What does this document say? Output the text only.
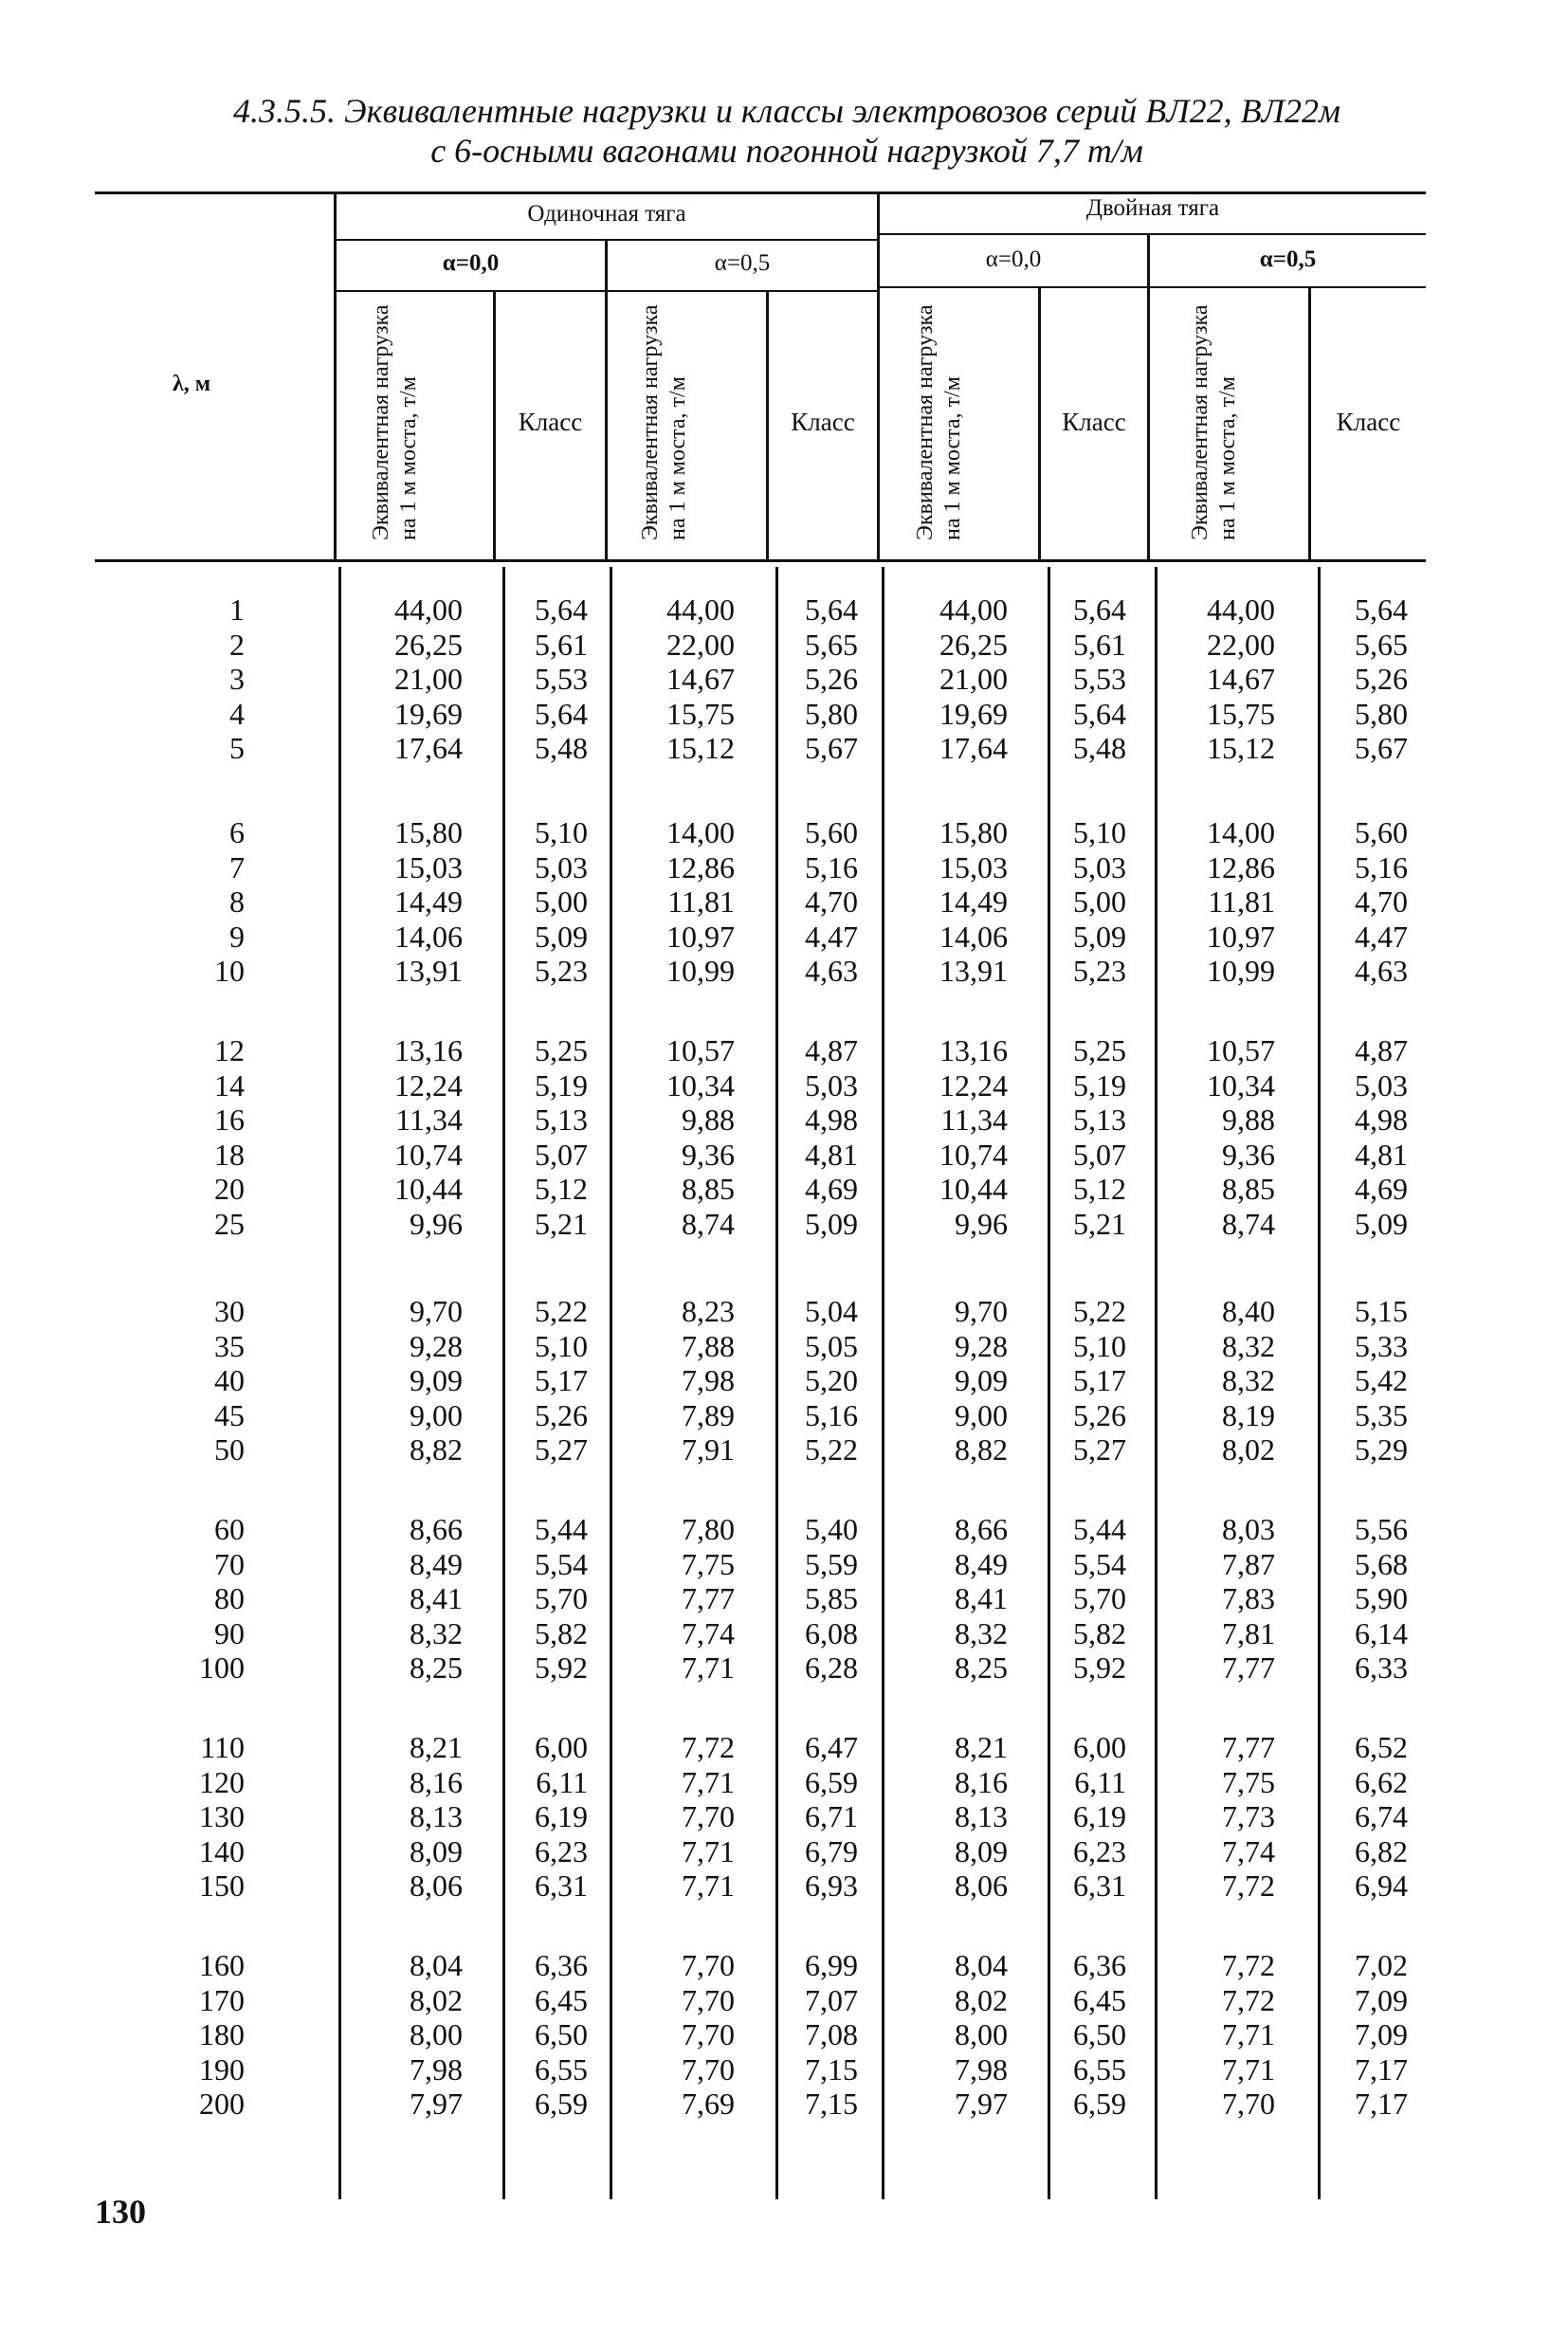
4.3.5.5. Эквивалентные нагрузки и классы электровозов серий ВЛ22, ВЛ22м
с 6-осными вагонами погонной нагрузкой 7,7 т/м
λ, м
Одиночная тяга	Двойная тяга
α=0,0	α=0,5	α=0,0	α=0,5
Эквивалентная нагрузка на 1 м моста, т/м	Эквивалентная нагрузка на 1 м моста, т/м	Эквивалентная нагрузка на 1 м моста, т/м	Эквивалентная нагрузка на 1 м моста, т/м
Класс	Класс	Класс	Класс
1	44,00 5,64	44,00 5,64	44,00 5,64	44,00	5,64
2	26,25 5,61	22,00 5,65	26,25 5,61	22,00	5,65
3	21,00 5,53	14,67 5,26	21,00 5,53	14,67	5,26
4	19,69 5,64	15,75 5,80	19,69 5,64	15,75	5,80
5	17,64 5,48	15,12 5,67	17,64 5,48	15,12	5,67
6	15,80 5,10	14,00 5,60	15,80 5,10	14,00	5,60
7	15,03 5,03	12,86 5,16	15,03 5,03	12,86	5,16
8	14,49 5,00	11,81 4,70	14,49 5,00	11,81	4,70
9	14,06 5,09	10,97 4,47	14,06 5,09	10,97	4,47
10	13,91 5,23	10,99 4,63	13,91 5,23	10,99	4,63
12	13,16 5,25	10,57 4,87	13,16 5,25	10,57	4,87
14	12,24 5,19	10,34 5,03	12,24 5,19	10,34	5,03
16	11,34 5,13	9,88 4,98	11,34 5,13	9,88	4,98
18	10,74 5,07	9,36 4,81	10,74 5,07	9,36	4,81
20	10,44 5,12	8,85 4,69	10,44 5,12	8,85	4,69
25	9,96 5,21	8,74 5,09	9,96 5,21	8,74	5,09
30	9,70 5,22	8,23 5,04	9,70 5,22	8,40	5,15
35	9,28 5,10	7,88 5,05	9,28 5,10	8,32	5,33
40	9,09 5,17	7,98 5,20	9,09 5,17	8,32	5,42
45	9,00 5,26	7,89 5,16	9,00 5,26	8,19	5,35
50	8,82 5,27	7,91 5,22	8,82 5,27	8,02	5,29
60	8,66 5,44	7,80 5,40	8,66 5,44	8,03	5,56
70	8,49 5,54	7,75 5,59	8,49 5,54	7,87	5,68
80	8,41 5,70	7,77 5,85	8,41 5,70	7,83	5,90
90	8,32 5,82	7,74 6,08	8,32 5,82	7,81	6,14
100	8,25 5,92	7,71 6,28	8,25 5,92	7,77	6,33
110	8,21 6,00	7,72 6,47	8,21 6,00	7,77	6,52
120	8,16 6,11	7,71 6,59	8,16 6,11	7,75	6,62
130	8,13 6,19	7,70 6,71	8,13 6,19	7,73	6,74
140	8,09 6,23	7,71 6,79	8,09 6,23	7,74	6,82
150	8,06 6,31	7,71 6,93	8,06 6,31	7,72	6,94
160	8,04 6,36	7,70 6,99	8,04 6,36	7,72	7,02
170	8,02 6,45	7,70 7,07	8,02 6,45	7,72	7,09
180	8,00 6,50	7,70 7,08	8,00 6,50	7,71	7,09
190	7,98 6,55	7,70 7,15	7,98 6,55	7,71	7,17
200	7,97 6,59	7,69 7,15	7,97 6,59	7,70	7,17
130
